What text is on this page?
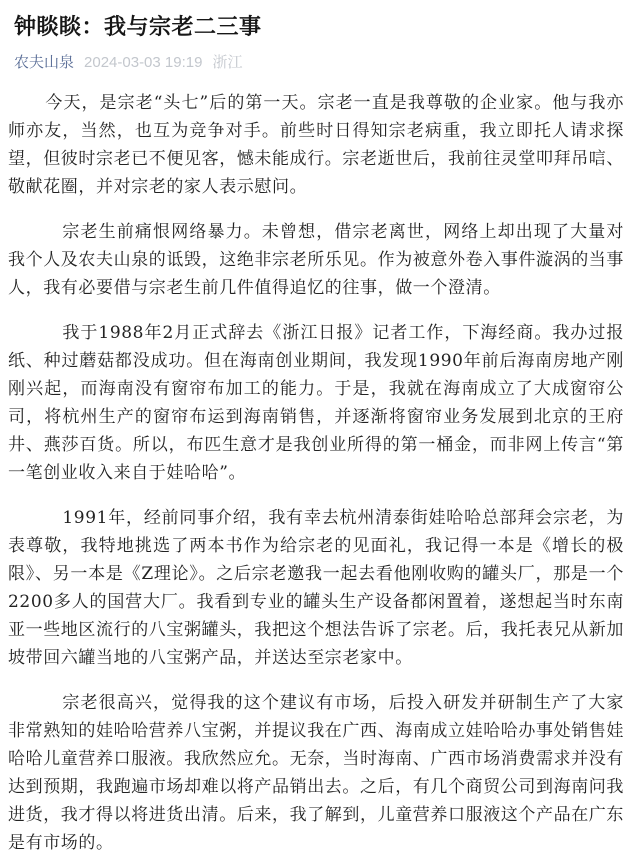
钟睒睒：我与宗老二三事
农夫山泉 2024-03-03 19:19 浙江

今天，是宗老“头七”后的第一天。宗老一直是我尊敬的企业家。他与我亦师亦友，当然，也互为竞争对手。前些时日得知宗老病重，我立即托人请求探望，但彼时宗老已不便见客，憾未能成行。宗老逝世后，我前往灵堂叩拜吊唁、敬献花圈，并对宗老的家人表示慰问。

宗老生前痛恨网络暴力。未曾想，借宗老离世，网络上却出现了大量对我个人及农夫山泉的诋毁，这绝非宗老所乐见。作为被意外卷入事件漩涡的当事人，我有必要借与宗老生前几件值得追忆的往事，做一个澄清。

我于1988年2月正式辞去《浙江日报》记者工作，下海经商。我办过报纸、种过蘑菇都没成功。但在海南创业期间，我发现1990年前后海南房地产刚刚兴起，而海南没有窗帘布加工的能力。于是，我就在海南成立了大成窗帘公司，将杭州生产的窗帘布运到海南销售，并逐渐将窗帘业务发展到北京的王府井、燕莎百货。所以，布匹生意才是我创业所得的第一桶金，而非网上传言“第一笔创业收入来自于娃哈哈”。

1991年，经前同事介绍，我有幸去杭州清泰街娃哈哈总部拜会宗老，为表尊敬，我特地挑选了两本书作为给宗老的见面礼，我记得一本是《增长的极限》、另一本是《Z理论》。之后宗老邀我一起去看他刚收购的罐头厂，那是一个2200多人的国营大厂。我看到专业的罐头生产设备都闲置着，遂想起当时东南亚一些地区流行的八宝粥罐头，我把这个想法告诉了宗老。后，我托表兄从新加坡带回六罐当地的八宝粥产品，并送达至宗老家中。

宗老很高兴，觉得我的这个建议有市场，后投入研发并研制生产了大家非常熟知的娃哈哈营养八宝粥，并提议我在广西、海南成立娃哈哈办事处销售娃哈哈儿童营养口服液。我欣然应允。无奈，当时海南、广西市场消费需求并没有达到预期，我跑遍市场却难以将产品销出去。之后，有几个商贸公司到海南问我进货，我才得以将进货出清。后来，我了解到，儿童营养口服液这个产品在广东是有市场的。
